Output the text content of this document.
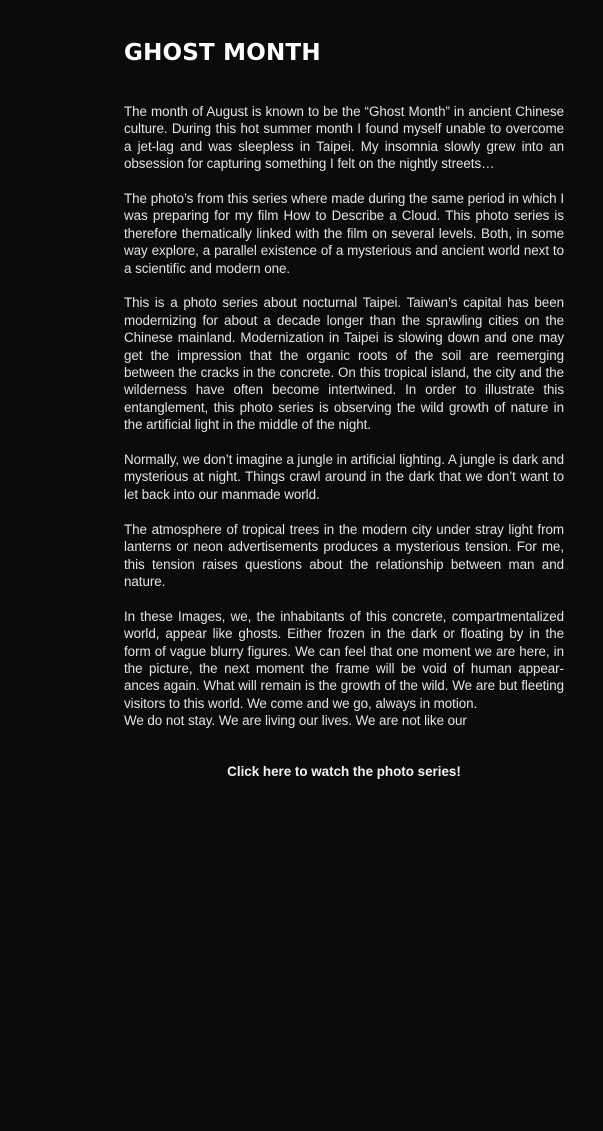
GHOST MONTH

The month of August is known to be the “Ghost Month” in ancient Chinese culture. During this hot summer month I found myself unable to overcome a jet-lag and was sleepless in Taipei. My insomnia slowly grew into an obsession for capturing something I felt on the nightly streets…

The photo’s from this series where made during the same period in which I was preparing for my film How to Describe a Cloud. This photo series is therefore thematically linked with the film on several levels. Both, in some way explore, a parallel existence of a mysterious and ancient world next to a scientific and modern one.

This is a photo series about nocturnal Taipei. Taiwan’s capital has been modernizing for about a decade longer than the sprawling cities on the Chinese mainland. Modernization in Taipei is slowing down and one may get the impression that the organic roots of the soil are reemerging between the cracks in the concrete. On this tropical island, the city and the wilderness have often become intertwined. In order to illustrate this entanglement, this photo series is observing the wild growth of nature in the artificial light in the middle of the night.

Normally, we don’t imagine a jungle in artificial lighting. A jungle is dark and mysterious at night. Things crawl around in the dark that we don’t want to let back into our manmade world.

The atmosphere of tropical trees in the modern city under stray light from lanterns or neon advertisements produces a mysterious tension. For me, this tension raises questions about the relationship between man and nature.

In these Images, we, the inhabitants of this concrete, compartmentalized world, appear like ghosts. Either frozen in the dark or floating by in the form of vague blurry figures. We can feel that one moment we are here, in the picture, the next moment the frame will be void of human appear-ances again. What will remain is the growth of the wild. We are but fleeting visitors to this world. We come and we go, always in motion.
We do not stay. We are living our lives. We are not like our

Click here to watch the photo series!
